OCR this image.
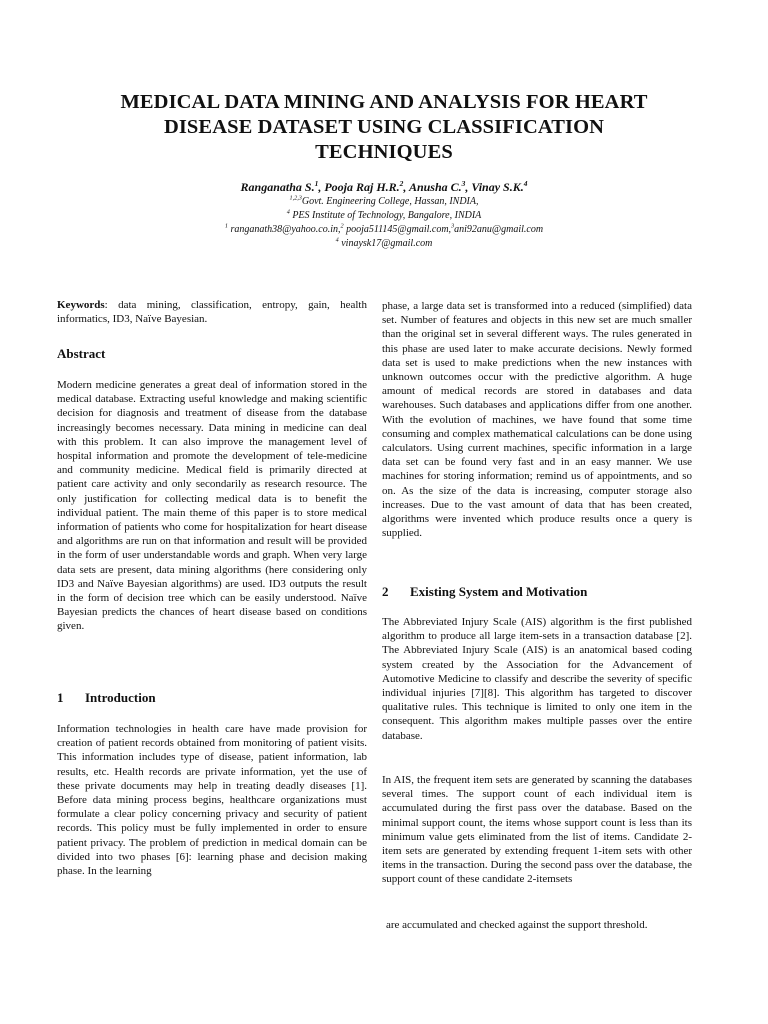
MEDICAL DATA MINING AND ANALYSIS FOR HEART
DISEASE DATASET USING CLASSIFICATION
TECHNIQUES
Ranganatha S.$^1$, Pooja Raj H.R.$^2$, Anusha C.$^3$, Vinay S.K.$^4$
$^{1,2,3}$Govt. Engineering College, Hassan, INDIA,
$^4$ PES Institute of Technology, Bangalore, INDIA
$^1$ ranganath38@yahoo.co.in,$^2$ pooja511145@gmail.com,$^3$ani92anu@gmail.com
$^4$ vinaysk17@gmail.com

Keywords: data mining, classification, entropy, gain, health informatics, ID3, Naïve Bayesian.

Abstract

Modern medicine generates a great deal of information stored in the medical database. Extracting useful knowledge and making scientific decision for diagnosis and treatment of disease from the database increasingly becomes necessary. Data mining in medicine can deal with this problem. It can also improve the management level of hospital information and promote the development of tele-medicine and community medicine. Medical field is primarily directed at patient care activity and only secondarily as research resource. The only justification for collecting medical data is to benefit the individual patient. The main theme of this paper is to store medical information of patients who come for hospitalization for heart disease and algorithms are run on that information and result will be provided in the form of user understandable words and graph. When very large data sets are present, data mining algorithms (here considering only ID3 and Naïve Bayesian algorithms) are used. ID3 outputs the result in the form of decision tree which can be easily understood. Naïve Bayesian predicts the chances of heart disease based on conditions given.

1 Introduction

Information technologies in health care have made provision for creation of patient records obtained from monitoring of patient visits. This information includes type of disease, patient information, lab results, etc. Health records are private information, yet the use of these private documents may help in treating deadly diseases [1]. Before data mining process begins, healthcare organizations must formulate a clear policy concerning privacy and security of patient records. This policy must be fully implemented in order to ensure patient privacy. The problem of prediction in medical domain can be divided into two phases [6]: learning phase and decision making phase. In the learning

phase, a large data set is transformed into a reduced (simplified) data set. Number of features and objects in this new set are much smaller than the original set in several different ways. The rules generated in this phase are used later to make accurate decisions. Newly formed data set is used to make predictions when the new instances with unknown outcomes occur with the predictive algorithm. A huge amount of medical records are stored in databases and data warehouses. Such databases and applications differ from one another. With the evolution of machines, we have found that some time consuming and complex mathematical calculations can be done using calculators. Using current machines, specific information in a large data set can be found very fast and in an easy manner. We use machines for storing information; remind us of appointments, and so on. As the size of the data is increasing, computer storage also increases. Due to the vast amount of data that has been created, algorithms were invented which produce results once a query is supplied.

2 Existing System and Motivation

The Abbreviated Injury Scale (AIS) algorithm is the first published algorithm to produce all large item-sets in a transaction database [2]. The Abbreviated Injury Scale (AIS) is an anatomical based coding system created by the Association for the Advancement of Automotive Medicine to classify and describe the severity of specific individual injuries [7][8]. This algorithm has targeted to discover qualitative rules. This technique is limited to only one item in the consequent. This algorithm makes multiple passes over the entire database.

In AIS, the frequent item sets are generated by scanning the databases several times. The support count of each individual item is accumulated during the first pass over the database. Based on the minimal support count, the items whose support count is less than its minimum value gets eliminated from the list of items. Candidate 2-item sets are generated by extending frequent 1-item sets with other items in the transaction. During the second pass over the database, the support count of these candidate 2-itemsets

are accumulated and checked against the support threshold.
